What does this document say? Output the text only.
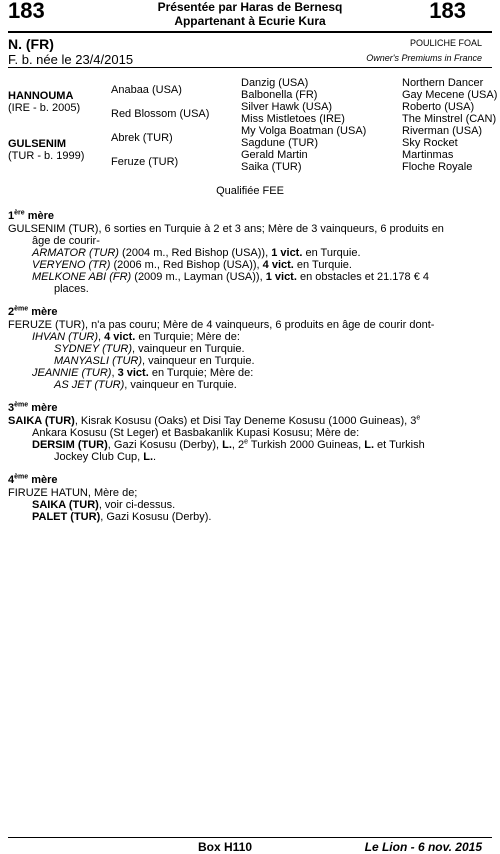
183	183
Présentée par Haras de Bernesq
Appartenant à Ecurie Kura
N. (FR)
F. b. née le 23/4/2015
POULICHE FOAL
Owner's Premiums in France
HANNOUMA
(IRE - b. 2005)
GULSENIM
(TUR - b. 1999)
Anabaa (USA)
Red Blossom (USA)
Abrek (TUR)
Feruze (TUR)
Danzig (USA)
Balbonella (FR)
Silver Hawk (USA)
Miss Mistletoes (IRE)
My Volga Boatman (USA)
Sagdune (TUR)
Gerald Martin
Saika (TUR)
Northern Dancer
Gay Mecene (USA)
Roberto (USA)
The Minstrel (CAN)
Riverman (USA)
Sky Rocket
Martinmas
Floche Royale
Qualifiée FEE
1ère mère
GULSENIM (TUR), 6 sorties en Turquie à 2 et 3 ans; Mère de 3 vainqueurs, 6 produits en
âge de courir-
ARMATOR (TUR) (2004 m., Red Bishop (USA)), 1 vict. en Turquie.
VERYENO (TR) (2006 m., Red Bishop (USA)), 4 vict. en Turquie.
MELKONE ABI (FR) (2009 m., Layman (USA)), 1 vict. en obstacles et 21.178 € 4
places.
2ème mère
FERUZE (TUR), n'a pas couru; Mère de 4 vainqueurs, 6 produits en âge de courir dont-
IHVAN (TUR), 4 vict. en Turquie; Mère de:
SYDNEY (TUR), vainqueur en Turquie.
MANYASLI (TUR), vainqueur en Turquie.
JEANNIE (TUR), 3 vict. en Turquie; Mère de:
AS JET (TUR), vainqueur en Turquie.
3ème mère
SAIKA (TUR), Kisrak Kosusu (Oaks) et Disi Tay Deneme Kosusu (1000 Guineas), 3e
Ankara Kosusu (St Leger) et Basbakanlik Kupasi Kosusu; Mère de:
DERSIM (TUR), Gazi Kosusu (Derby), L., 2e Turkish 2000 Guineas, L. et Turkish
Jockey Club Cup, L..
4ème mère
FIRUZE HATUN, Mère de;
SAIKA (TUR), voir ci-dessus.
PALET (TUR), Gazi Kosusu (Derby).
Box H110	Le Lion - 6 nov. 2015
